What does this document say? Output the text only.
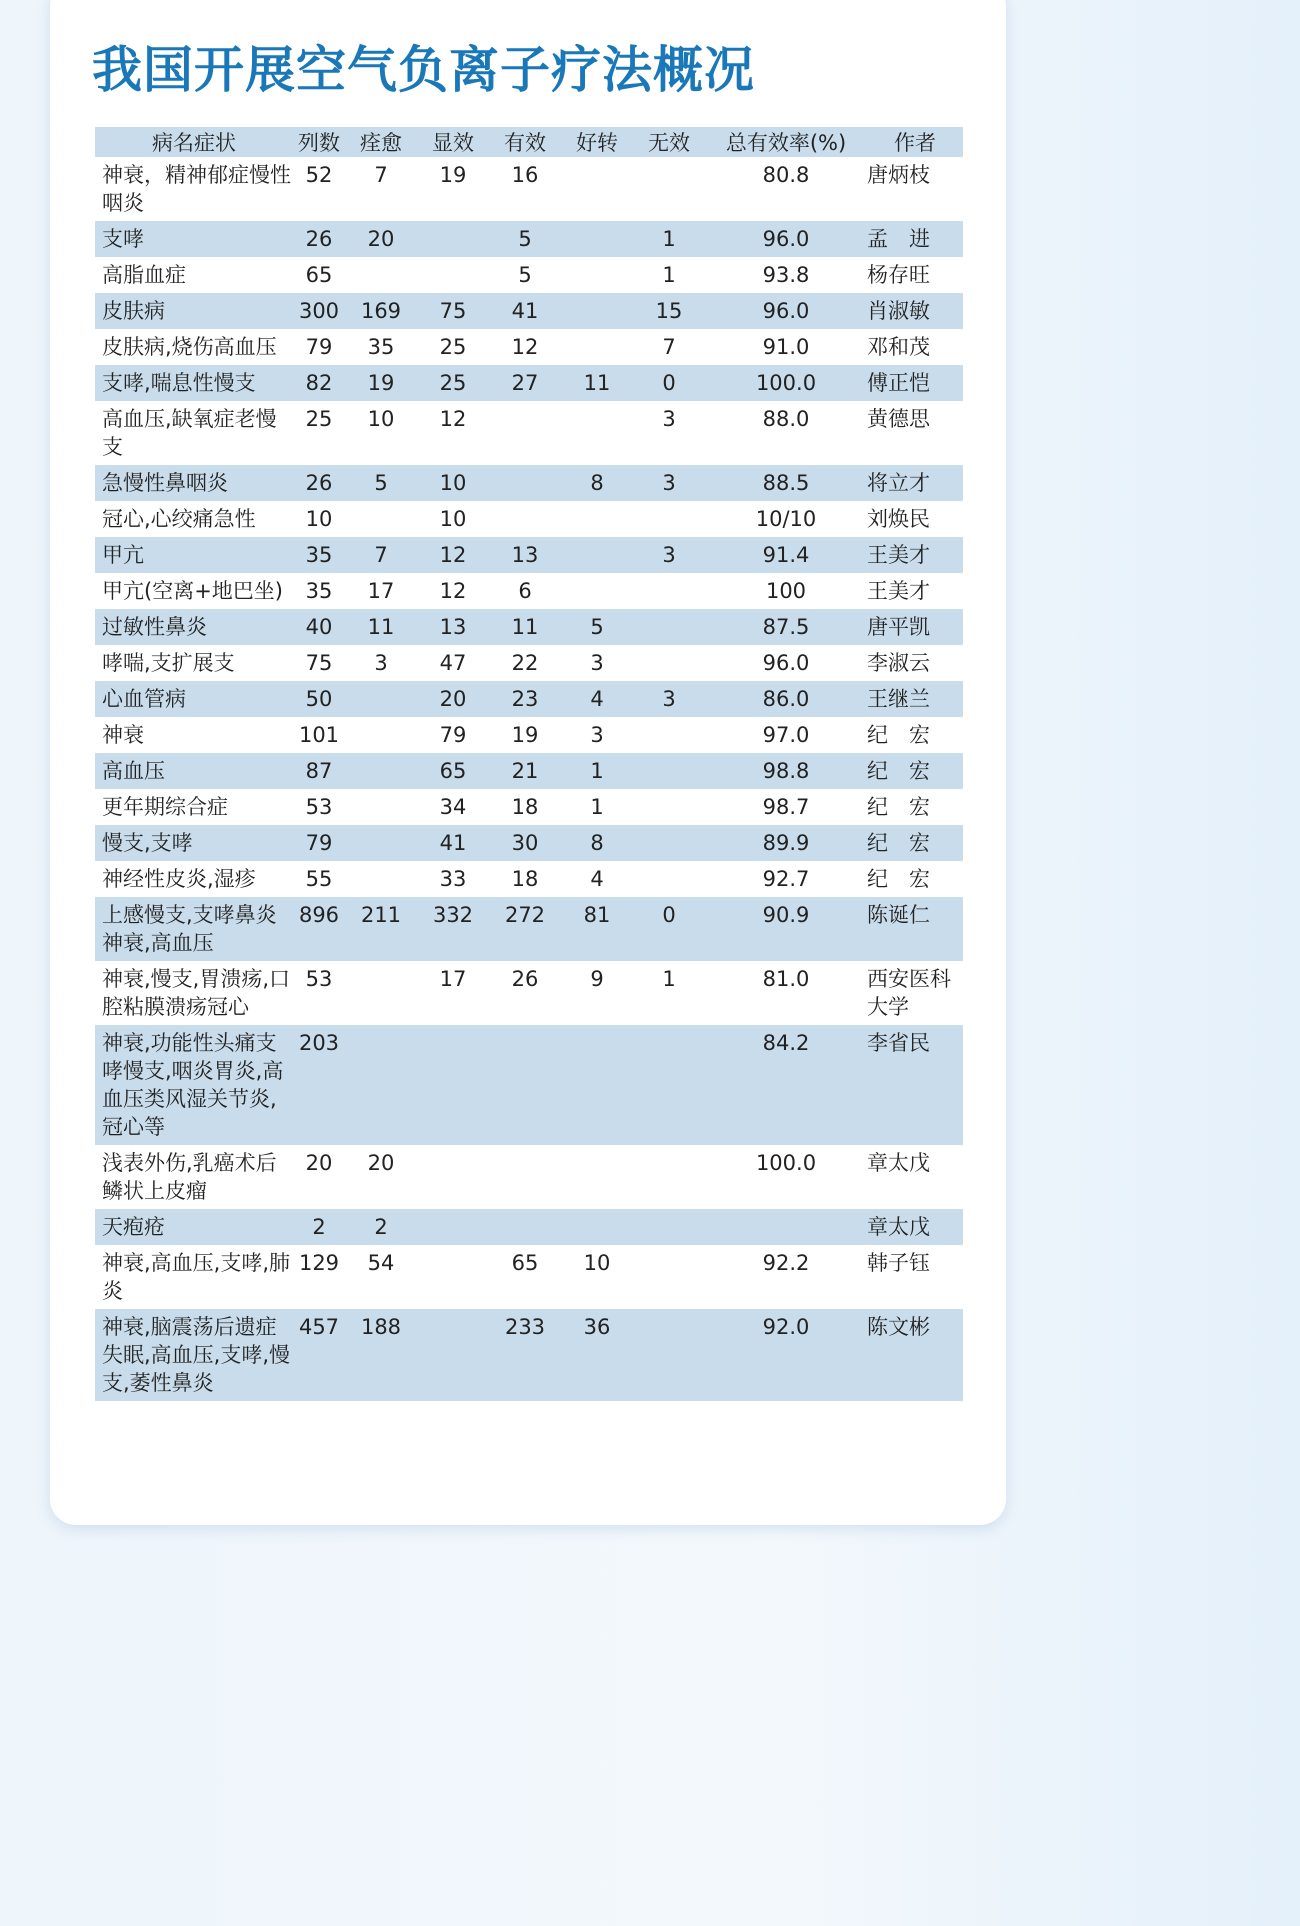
我国开展空气负离子疗法概况
病名症状	列数	痊愈	显效	有效	好转	无效	总有效率(%)	作者
神衰，精神郁症慢性 咽炎	52	7	19	16			80.8	唐炳枝
支哮	26	20		5		1	96.0	孟　进
高脂血症	65			5		1	93.8	杨存旺
皮肤病	300	169	75	41		15	96.0	肖淑敏
皮肤病,烧伤高血压	79	35	25	12		7	91.0	邓和茂
支哮,喘息性慢支	82	19	25	27	11	0	100.0	傅正恺
高血压,缺氧症老慢支	25	10	12			3	88.0	黄德思
急慢性鼻咽炎	26	5	10		8	3	88.5	将立才
冠心,心绞痛急性	10		10				10/10	刘焕民
甲亢	35	7	12	13		3	91.4	王美才
甲亢(空离+地巴坐)	35	17	12	6			100	王美才
过敏性鼻炎	40	11	13	11	5		87.5	唐平凯
哮喘,支扩展支	75	3	47	22	3		96.0	李淑云
心血管病	50		20	23	4	3	86.0	王继兰
神衰	101		79	19	3		97.0	纪　宏
高血压	87		65	21	1		98.8	纪　宏
更年期综合症	53		34	18	1		98.7	纪　宏
慢支,支哮	79		41	30	8		89.9	纪　宏
神经性皮炎,湿疹	55		33	18	4		92.7	纪　宏
上感慢支,支哮鼻炎神衰,高血压	896	211	332	272	81	0	90.9	陈诞仁
神衰,慢支,胃溃疡,口腔粘膜溃疡冠心	53		17	26	9	1	81.0	西安医科大学
神衰,功能性头痛支哮慢支,咽炎胃炎,高血压类风湿关节炎,冠心等	203						84.2	李省民
浅表外伤,乳癌术后鳞状上皮瘤	20	20					100.0	章太戊
天疱疮	2	2						章太戊
神衰,高血压,支哮,肺炎	129	54		65	10		92.2	韩子钰
神衰,脑震荡后遗症失眠,高血压,支哮,慢支,萎性鼻炎	457	188		233	36		92.0	陈文彬
